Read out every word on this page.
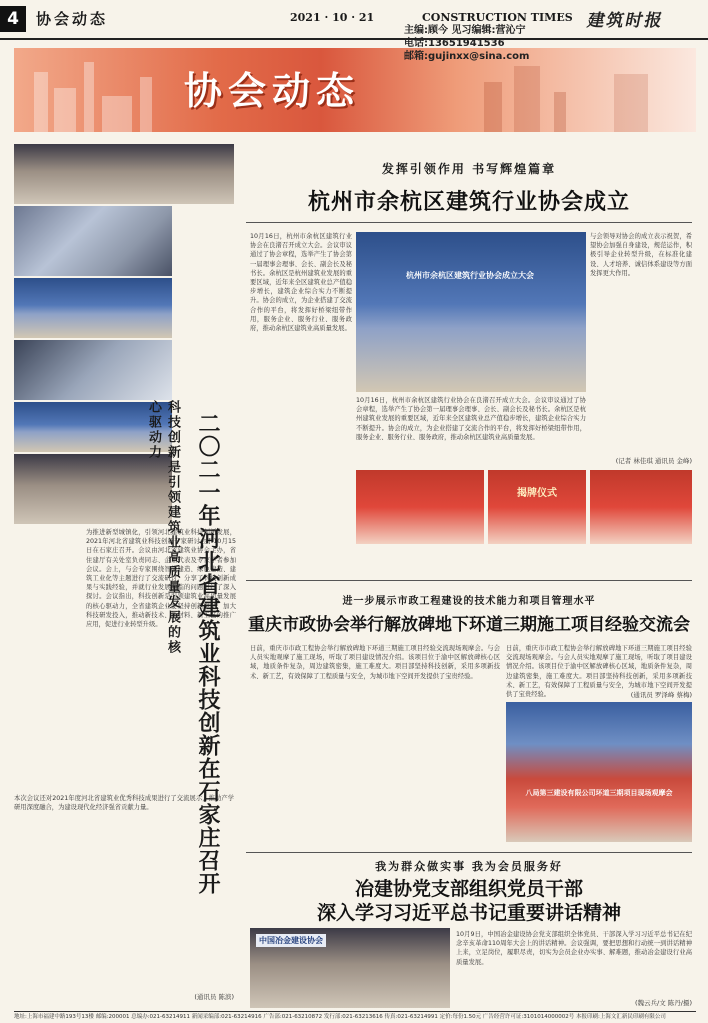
4	协会动态	2021 · 10 · 21	CONSTRUCTION TIMES 建筑时报
协会动态
主编:顾今 见习编辑:营沁宁
电话:13651941536
邮箱:gujinxx@sina.com
为推进新型城镇化，引领河北建筑业科技创新发展，2021年河北省建筑业科技创新专家研讨会于10月15日在石家庄召开。会议由河北省建筑业协会主办，省住建厅有关处室负责同志、企业代表及专家学者参加会议。会上，与会专家围绕智能建造、绿色建造、建筑工业化等主题进行了交流研讨，分享了科技创新成果与实践经验，并就行业发展面临的问题进行了深入探讨。会议指出，科技创新是引领建筑业高质量发展的核心驱动力，全省建筑企业要坚持创新驱动，加大科技研发投入，推动新技术、新材料、新工艺的推广应用，促进行业转型升级。
本次会议还对2021年度河北省建筑业优秀科技成果进行了交流展示，推动产学研用深度融合，为建设现代化经济强省贡献力量。
(通讯员 陈滨)
二〇二一年河北省建筑业科技创新在石家庄召开
科技创新是引领建筑业高质量发展的核心驱动力
发挥引领作用 书写辉煌篇章
杭州市余杭区建筑行业协会成立
10月16日，杭州市余杭区建筑行业协会在良渚召开成立大会。会议审议通过了协会章程，选举产生了协会第一届理事会理事、会长、副会长及秘书长。余杭区是杭州建筑业发展的重要区域，近年来全区建筑业总产值稳步增长，建筑企业综合实力不断提升。协会的成立，为企业搭建了交流合作的平台，将发挥好桥梁纽带作用，服务企业、服务行业、服务政府，推动余杭区建筑业高质量发展。
杭州市余杭区建筑行业协会成立大会
与会领导对协会的成立表示祝贺，希望协会加强自身建设，规范运作，积极引导企业转型升级，在标准化建设、人才培养、诚信体系建设等方面发挥更大作用。
10月16日，杭州市余杭区建筑行业协会在良渚召开成立大会。会议审议通过了协会章程，选举产生了协会第一届理事会理事、会长、副会长及秘书长。余杭区是杭州建筑业发展的重要区域，近年来全区建筑业总产值稳步增长，建筑企业综合实力不断提升。协会的成立，为企业搭建了交流合作的平台，将发挥好桥梁纽带作用，服务企业、服务行业、服务政府，推动余杭区建筑业高质量发展。
揭牌仪式
(记者 林佳琪 通讯员 金峰)
进一步展示市政工程建设的技术能力和项目管理水平
重庆市政协会举行解放碑地下环道三期施工项目经验交流会
日前，重庆市市政工程协会举行解放碑地下环道三期施工项目经验交流现场观摩会。与会人员实地观摩了施工现场，听取了项目建设情况介绍。该项目位于渝中区解放碑核心区域，地质条件复杂，周边建筑密集，施工难度大。项目部坚持科技创新，采用多项新技术、新工艺，有效保障了工程质量与安全，为城市地下空间开发提供了宝贵经验。
日前，重庆市市政工程协会举行解放碑地下环道三期施工项目经验交流现场观摩会。与会人员实地观摩了施工现场，听取了项目建设情况介绍。该项目位于渝中区解放碑核心区域，地质条件复杂，周边建筑密集，施工难度大。项目部坚持科技创新，采用多项新技术、新工艺，有效保障了工程质量与安全，为城市地下空间开发提供了宝贵经验。	(通讯员 罗泽峰 蔡梅)
八局第三建设有限公司环道三期项目现场观摩会
我为群众做实事 我为会员服务好
冶建协党支部组织党员干部
深入学习习近平总书记重要讲话精神
中国冶金建设协会
10月9日，中国冶金建设协会党支部组织全体党员、干部深入学习习近平总书记在纪念辛亥革命110周年大会上的讲话精神。会议强调，要把思想和行动统一到讲话精神上来，立足岗位，履职尽责，切实为会员企业办实事、解难题，推动冶金建设行业高质量发展。
(魏云兵/文 陈丹/摄)
地址:上海市福建中路193号13楼 邮编:200001 总编办:021-63214911 新闻采编部:021-63214916 广告部:021-63210872 发行部:021-63213616 传真:021-63214991 定价:每份1.50元 广告经营许可证:3101014000002号 本报印刷:上海文汇新民印刷有限公司
